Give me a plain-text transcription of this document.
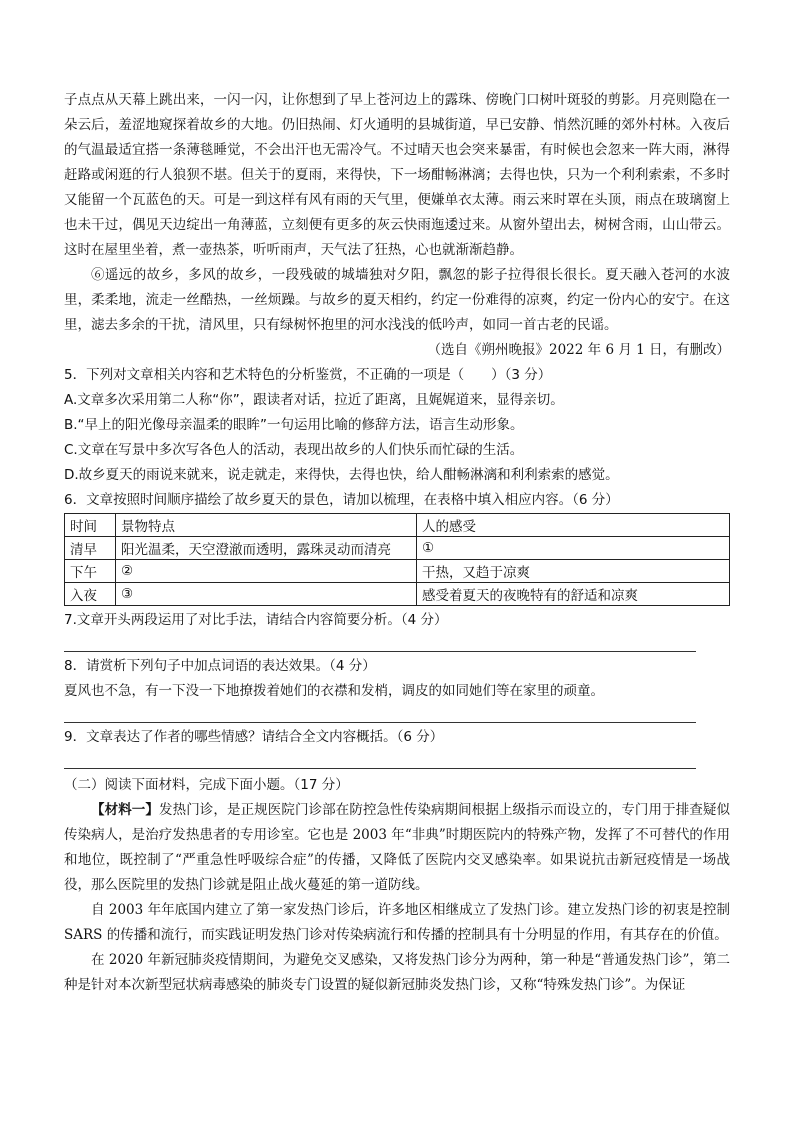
子点点从天幕上跳出来，一闪一闪，让你想到了早上苍河边上的露珠、傍晚门口树叶斑驳的剪影。月亮则隐在一朵云后，羞涩地窥探着故乡的大地。仍旧热闹、灯火通明的县城街道，早已安静、悄然沉睡的郊外村林。入夜后的气温最适宜搭一条薄毯睡觉，不会出汗也无需冷气。不过晴天也会突来暴雷，有时候也会忽来一阵大雨，淋得赶路或闲逛的行人狼狈不堪。但关于的夏雨，来得快，下一场酣畅淋漓；去得也快，只为一个利利索索，不多时又能留一个瓦蓝色的天。可是一到这样有风有雨的天气里，便嫌单衣太薄。雨云来时罩在头顶，雨点在玻璃窗上也未干过，偶见天边绽出一角薄蓝，立刻便有更多的灰云快雨迤逶过来。从窗外望出去，树树含雨，山山带云。这时在屋里坐着，煮一壶热茶，听听雨声，天气法了狂热，心也就渐渐趋静。

⑥遥远的故乡，多风的故乡，一段残破的城墙独对夕阳，飘忽的影子拉得很长很长。夏天融入苍河的水波里，柔柔地，流走一丝酷热，一丝烦躁。与故乡的夏天相约，约定一份难得的凉爽，约定一份内心的安宁。在这里，滤去多余的干扰，清风里，只有绿树怀抱里的河水浅浅的低吟声，如同一首古老的民谣。

（选自《朔州晚报》2022 年 6 月 1 日，有删改）

5．下列对文章相关内容和艺术特色的分析鉴赏，不正确的一项是（　　）（3 分）

A.文章多次采用第二人称“你”，跟读者对话，拉近了距离，且娓娓道来，显得亲切。

B.“早上的阳光像母亲温柔的眼眸”一句运用比喻的修辞方法，语言生动形象。

C.文章在写景中多次写各色人的活动，表现出故乡的人们快乐而忙碌的生活。

D.故乡夏天的雨说来就来，说走就走，来得快，去得也快，给人酣畅淋漓和利利索索的感觉。

6．文章按照时间顺序描绘了故乡夏天的景色，请加以梳理，在表格中填入相应内容。（6 分）

时间	景物特点	人的感受
清早	阳光温柔，天空澄澈而透明，露珠灵动而清亮	①
下午	②	干热，又趋于凉爽
入夜	③	感受着夏天的夜晚特有的舒适和凉爽

7.文章开头两段运用了对比手法，请结合内容简要分析。（4 分）

8．请赏析下列句子中加点词语的表达效果。（4 分）

夏风也不急，有一下没一下地撩拨着她们的衣襟和发梢，调皮的如同她们等在家里的顽童。

9．文章表达了作者的哪些情感？请结合全文内容概括。（6 分）

（二）阅读下面材料，完成下面小题。（17 分）

【材料一】发热门诊，是正规医院门诊部在防控急性传染病期间根据上级指示而设立的，专门用于排查疑似传染病人，是治疗发热患者的专用诊室。它也是 2003 年“非典”时期医院内的特殊产物，发挥了不可替代的作用和地位，既控制了“严重急性呼吸综合症”的传播，又降低了医院内交叉感染率。如果说抗击新冠疫情是一场战役，那么医院里的发热门诊就是阻止战火蔓延的第一道防线。

自 2003 年年底国内建立了第一家发热门诊后，许多地区相继成立了发热门诊。建立发热门诊的初衷是控制 SARS 的传播和流行，而实践证明发热门诊对传染病流行和传播的控制具有十分明显的作用，有其存在的价值。

在 2020 年新冠肺炎疫情期间，为避免交叉感染，又将发热门诊分为两种，第一种是“普通发热门诊”，第二种是针对本次新型冠状病毒感染的肺炎专门设置的疑似新冠肺炎发热门诊，又称“特殊发热门诊”。为保证
